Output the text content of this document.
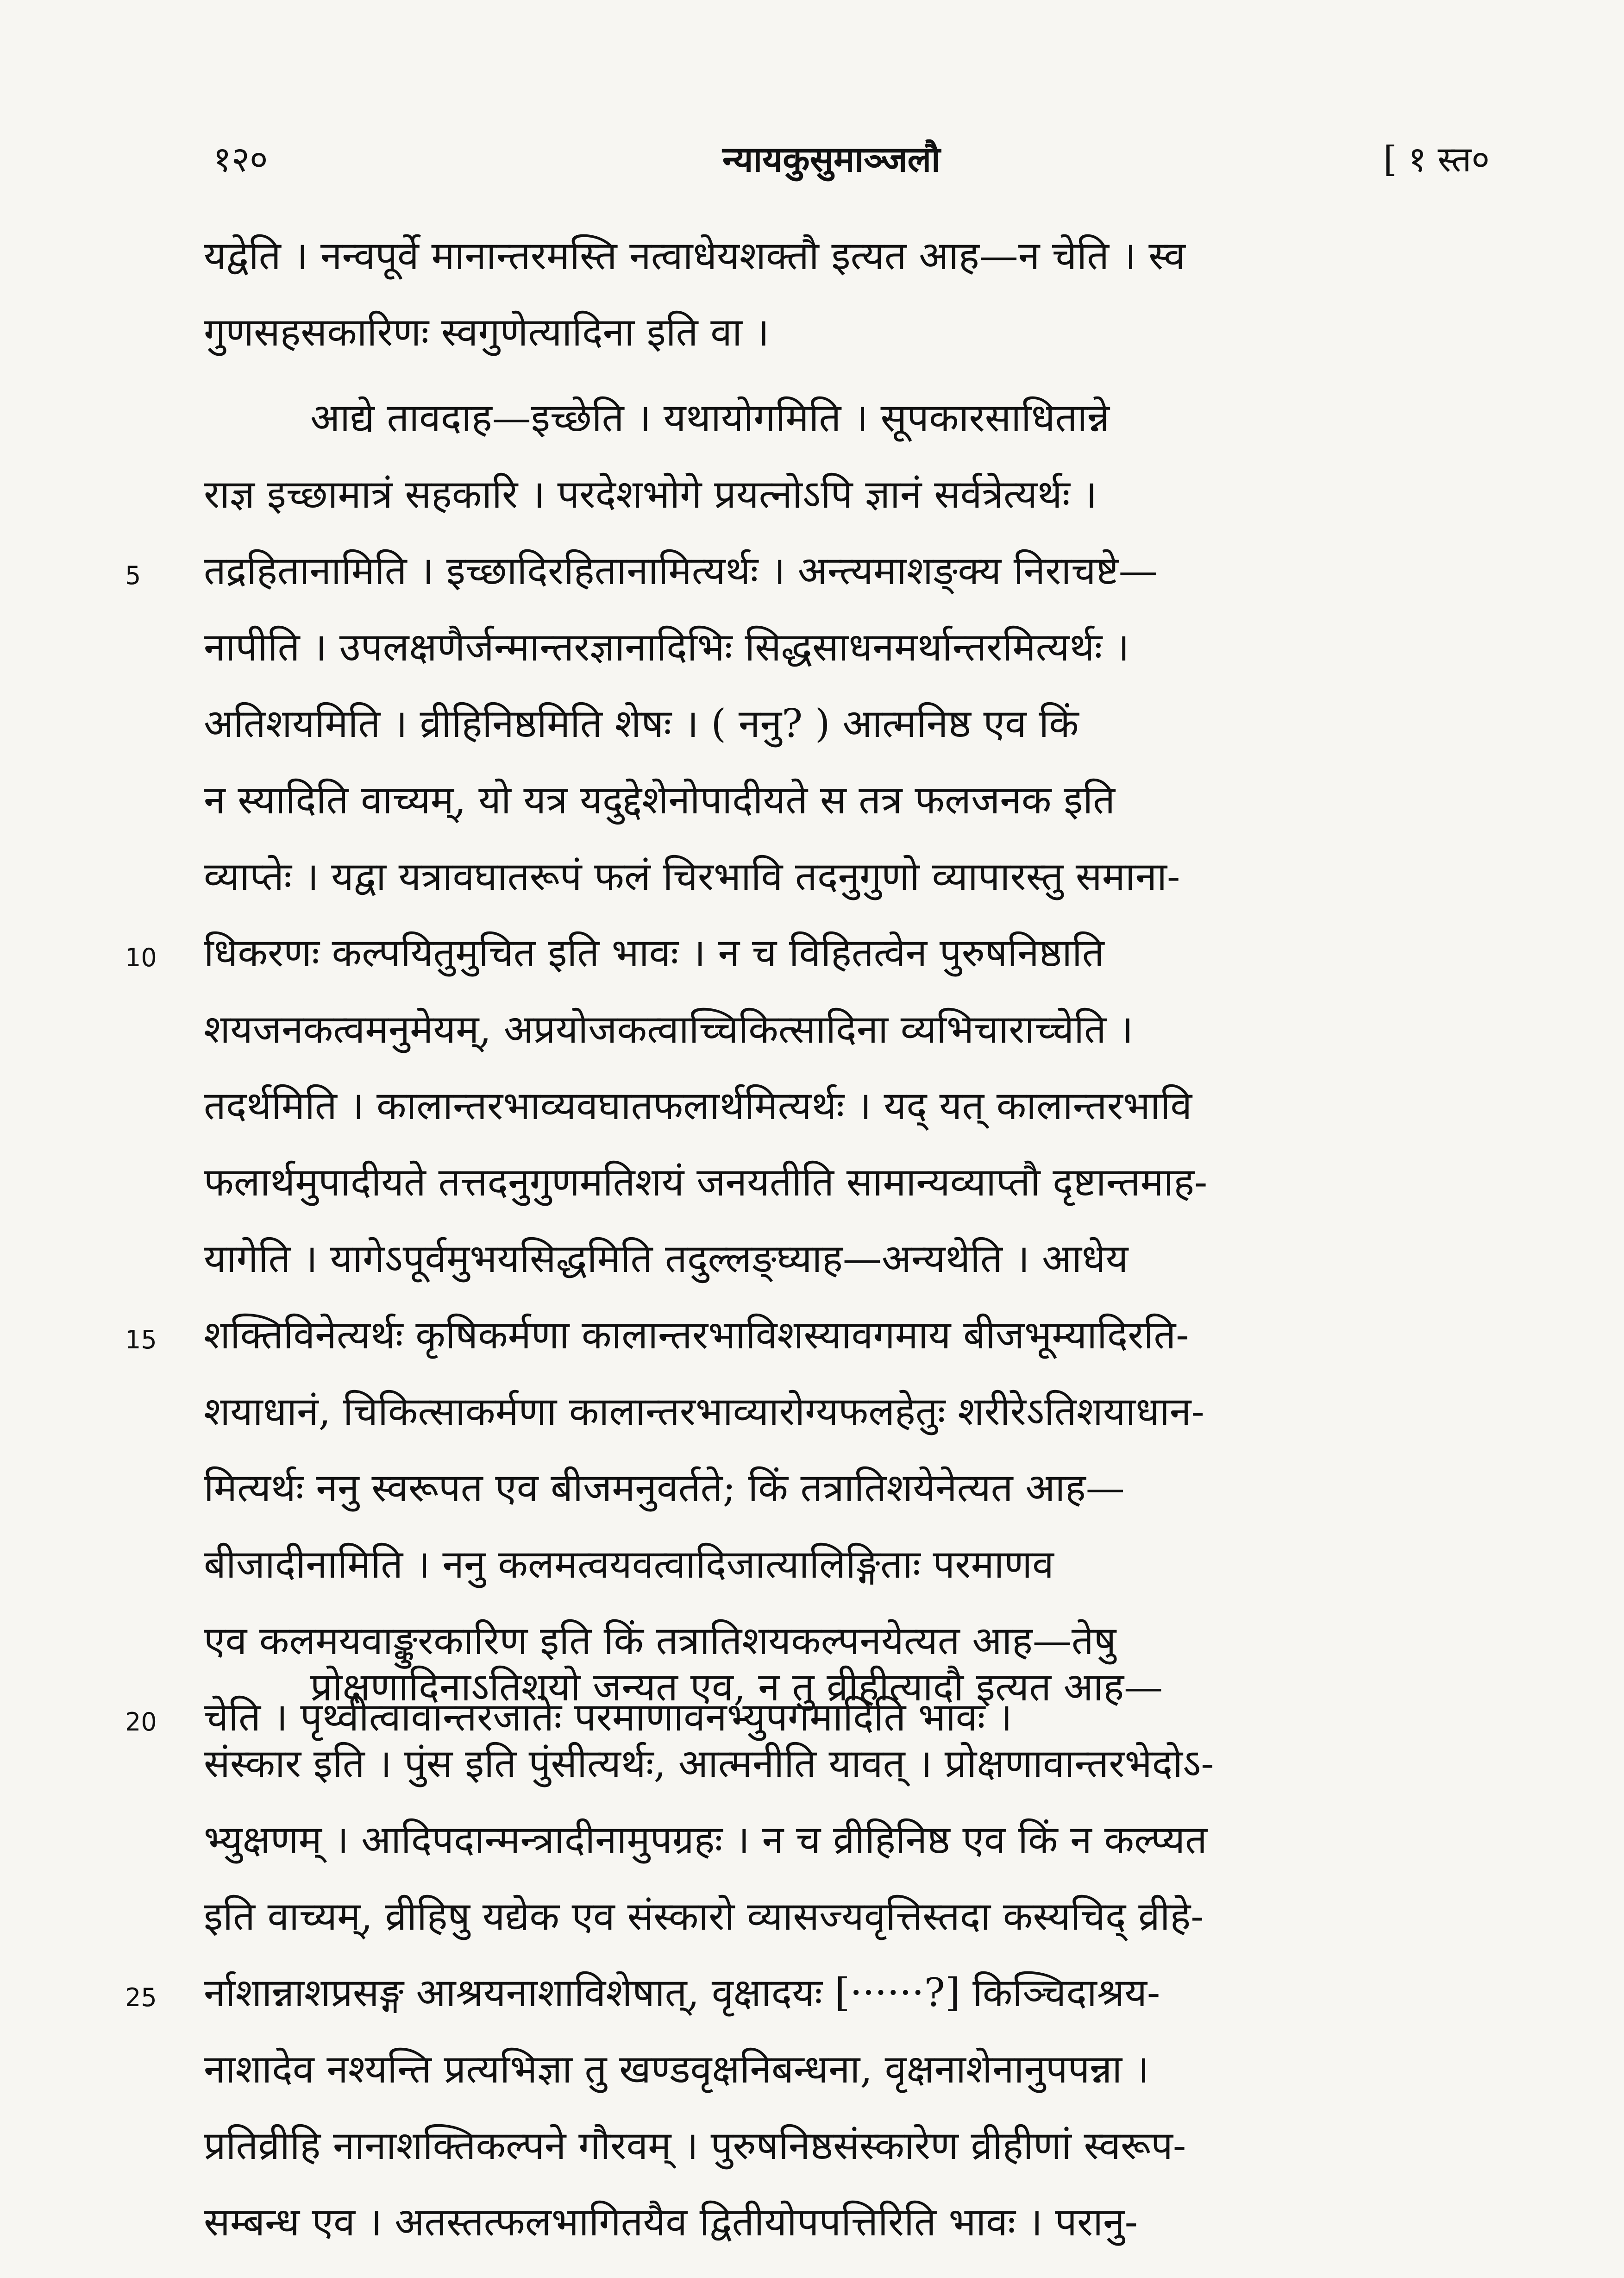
१२०	न्यायकुसुमाञ्जलौ	[ १ स्त०
यद्वेति । नन्वपूर्वे मानान्तरमस्ति नत्वाधेयशक्तौ इत्यत आह—न चेति । स्व
गुणसहसकारिणः स्वगुणेत्यादिना इति वा ।
आद्ये तावदाह—इच्छेति । यथायोगमिति । सूपकारसाधितान्ने
राज्ञ इच्छामात्रं सहकारि । परदेशभोगे प्रयत्नोऽपि ज्ञानं सर्वत्रेत्यर्थः ।
5 तद्रहितानामिति । इच्छादिरहितानामित्यर्थः । अन्त्यमाशङ्क्य निराचष्टे—
नापीति । उपलक्षणैर्जन्मान्तरज्ञानादिभिः सिद्धसाधनमर्थान्तरमित्यर्थः ।
अतिशयमिति । व्रीहिनिष्ठमिति शेषः । ( ननु? ) आत्मनिष्ठ एव किं
न स्यादिति वाच्यम्, यो यत्र यदुद्देशेनोपादीयते स तत्र फलजनक इति
व्याप्तेः । यद्वा यत्रावघातरूपं फलं चिरभावि तदनुगुणो व्यापारस्तु समाना-
10 धिकरणः कल्पयितुमुचित इति भावः । न च विहितत्वेन पुरुषनिष्ठाति
शयजनकत्वमनुमेयम्, अप्रयोजकत्वाच्चिकित्सादिना व्यभिचाराच्चेति ।
तदर्थमिति । कालान्तरभाव्यवघातफलार्थमित्यर्थः । यद् यत् कालान्तरभावि
फलार्थमुपादीयते तत्तदनुगुणमतिशयं जनयतीति सामान्यव्याप्तौ दृष्टान्तमाह-
यागेति । यागेऽपूर्वमुभयसिद्धमिति तदुल्लङ्घ्याह—अन्यथेति । आधेय
15 शक्तिविनेत्यर्थः कृषिकर्मणा कालान्तरभाविशस्यावगमाय बीजभूम्यादिरति-
शयाधानं, चिकित्साकर्मणा कालान्तरभाव्यारोग्यफलहेतुः शरीरेऽतिशयाधान-
मित्यर्थः ननु स्वरूपत एव बीजमनुवर्तते; किं तत्रातिशयेनेत्यत आह—
बीजादीनामिति । ननु कलमत्वयवत्वादिजात्यालिङ्गिताः परमाणव
एव कलमयवाङ्कुरकारिण इति किं तत्रातिशयकल्पनयेत्यत आह—तेषु
20 चेति । पृथ्वीत्वावान्तरजातेः परमाणावनभ्युपगमादिति भावः ।
प्रोक्षणादिनाऽतिशयो जन्यत एव, न तु व्रीहीत्यादौ इत्यत आह—
संस्कार इति । पुंस इति पुंसीत्यर्थः, आत्मनीति यावत् । प्रोक्षणावान्तरभेदोऽ-
भ्युक्षणम् । आदिपदान्मन्त्रादीनामुपग्रहः । न च व्रीहिनिष्ठ एव किं न कल्प्यत
इति वाच्यम्, व्रीहिषु यद्येक एव संस्कारो व्यासज्यवृत्तिस्तदा कस्यचिद् व्रीहे-
25 र्नाशान्नाशप्रसङ्ग आश्रयनाशाविशेषात्, वृक्षादयः [······?] किञ्चिदाश्रय-
नाशादेव नश्यन्ति प्रत्यभिज्ञा तु खण्डवृक्षनिबन्धना, वृक्षनाशेनानुपपन्ना ।
प्रतिव्रीहि नानाशक्तिकल्पने गौरवम् । पुरुषनिष्ठसंस्कारेण व्रीहीणां स्वरूप-
सम्बन्ध एव । अतस्तत्फलभागितयैव द्वितीयोपपत्तिरिति भावः । परानु-
